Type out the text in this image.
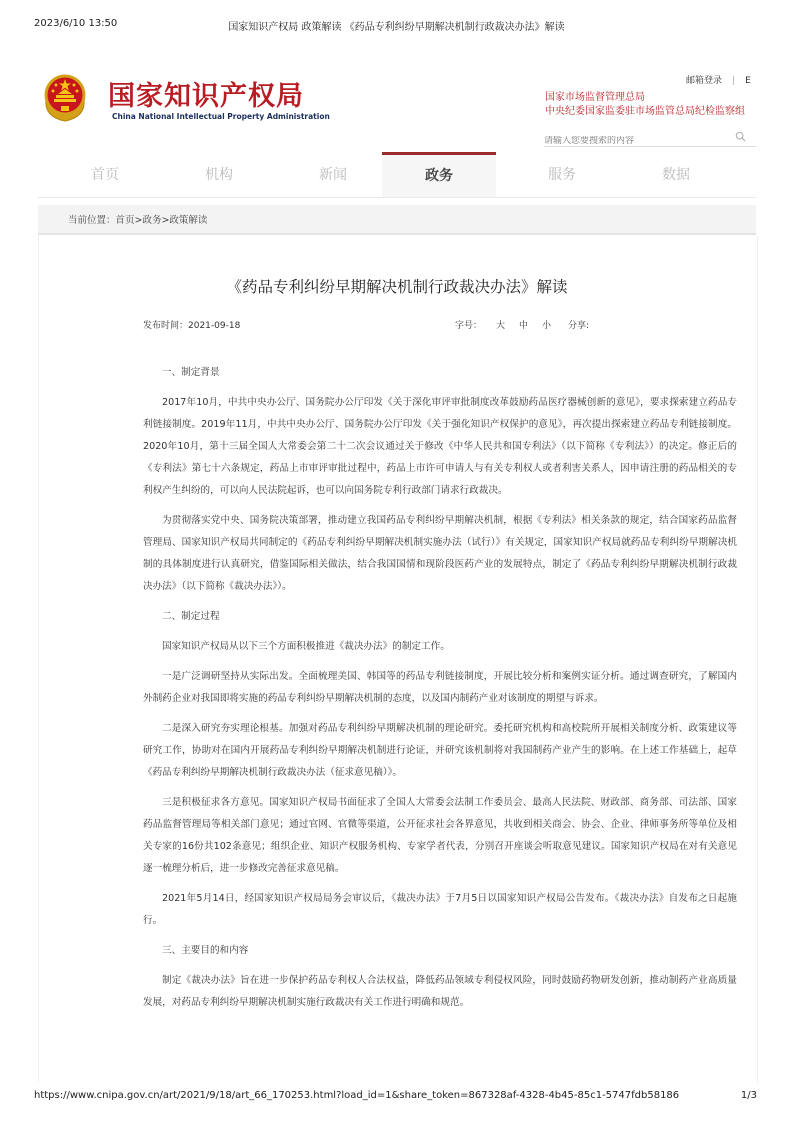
2023/6/10 13:50	国家知识产权局 政策解读 《药品专利纠纷早期解决机制行政裁决办法》解读
国家知识产权局
China National Intellectual Property Administration
邮箱登录 | E
国家市场监督管理总局
中央纪委国家监委驻市场监管总局纪检监察组
请输入您要搜索的内容
首页	机构	新闻	政务	服务	数据
当前位置：首页>政务>政策解读
《药品专利纠纷早期解决机制行政裁决办法》解读
发布时间：2021-09-18	字号： 大 中 小	分享:

一、制定背景

2017年10月，中共中央办公厅、国务院办公厅印发《关于深化审评审批制度改革鼓励药品医疗器械创新的意见》，要求探索建立药品专利链接制度。2019年11月，中共中央办公厅、国务院办公厅印发《关于强化知识产权保护的意见》，再次提出探索建立药品专利链接制度。2020年10月，第十三届全国人大常委会第二十二次会议通过关于修改《中华人民共和国专利法》（以下简称《专利法》）的决定。修正后的《专利法》第七十六条规定，药品上市审评审批过程中，药品上市许可申请人与有关专利权人或者利害关系人，因申请注册的药品相关的专利权产生纠纷的，可以向人民法院起诉，也可以向国务院专利行政部门请求行政裁决。

为贯彻落实党中央、国务院决策部署，推动建立我国药品专利纠纷早期解决机制，根据《专利法》相关条款的规定，结合国家药品监督管理局、国家知识产权局共同制定的《药品专利纠纷早期解决机制实施办法（试行）》有关规定，国家知识产权局就药品专利纠纷早期解决机制的具体制度进行认真研究，借鉴国际相关做法，结合我国国情和现阶段医药产业的发展特点，制定了《药品专利纠纷早期解决机制行政裁决办法》（以下简称《裁决办法》）。

二、制定过程

国家知识产权局从以下三个方面积极推进《裁决办法》的制定工作。

一是广泛调研坚持从实际出发。全面梳理美国、韩国等的药品专利链接制度，开展比较分析和案例实证分析。通过调查研究，了解国内外制药企业对我国即将实施的药品专利纠纷早期解决机制的态度，以及国内制药产业对该制度的期望与诉求。

二是深入研究夯实理论根基。加强对药品专利纠纷早期解决机制的理论研究。委托研究机构和高校院所开展相关制度分析、政策建议等研究工作，协助对在国内开展药品专利纠纷早期解决机制进行论证，并研究该机制将对我国制药产业产生的影响。在上述工作基础上，起草《药品专利纠纷早期解决机制行政裁决办法（征求意见稿）》。

三是积极征求各方意见。国家知识产权局书面征求了全国人大常委会法制工作委员会、最高人民法院、财政部、商务部、司法部、国家药品监督管理局等相关部门意见；通过官网、官微等渠道，公开征求社会各界意见，共收到相关商会、协会、企业、律师事务所等单位及相关专家的16份共102条意见；组织企业、知识产权服务机构、专家学者代表，分别召开座谈会听取意见建议。国家知识产权局在对有关意见逐一梳理分析后，进一步修改完善征求意见稿。

2021年5月14日，经国家知识产权局局务会审议后，《裁决办法》于7月5日以国家知识产权局公告发布。《裁决办法》自发布之日起施行。

三、主要目的和内容

制定《裁决办法》旨在进一步保护药品专利权人合法权益，降低药品领域专利侵权风险，同时鼓励药物研发创新，推动制药产业高质量发展，对药品专利纠纷早期解决机制实施行政裁决有关工作进行明确和规范。

https://www.cnipa.gov.cn/art/2021/9/18/art_66_170253.html?load_id=1&share_token=867328af-4328-4b45-85c1-5747fdb58186	1/3
